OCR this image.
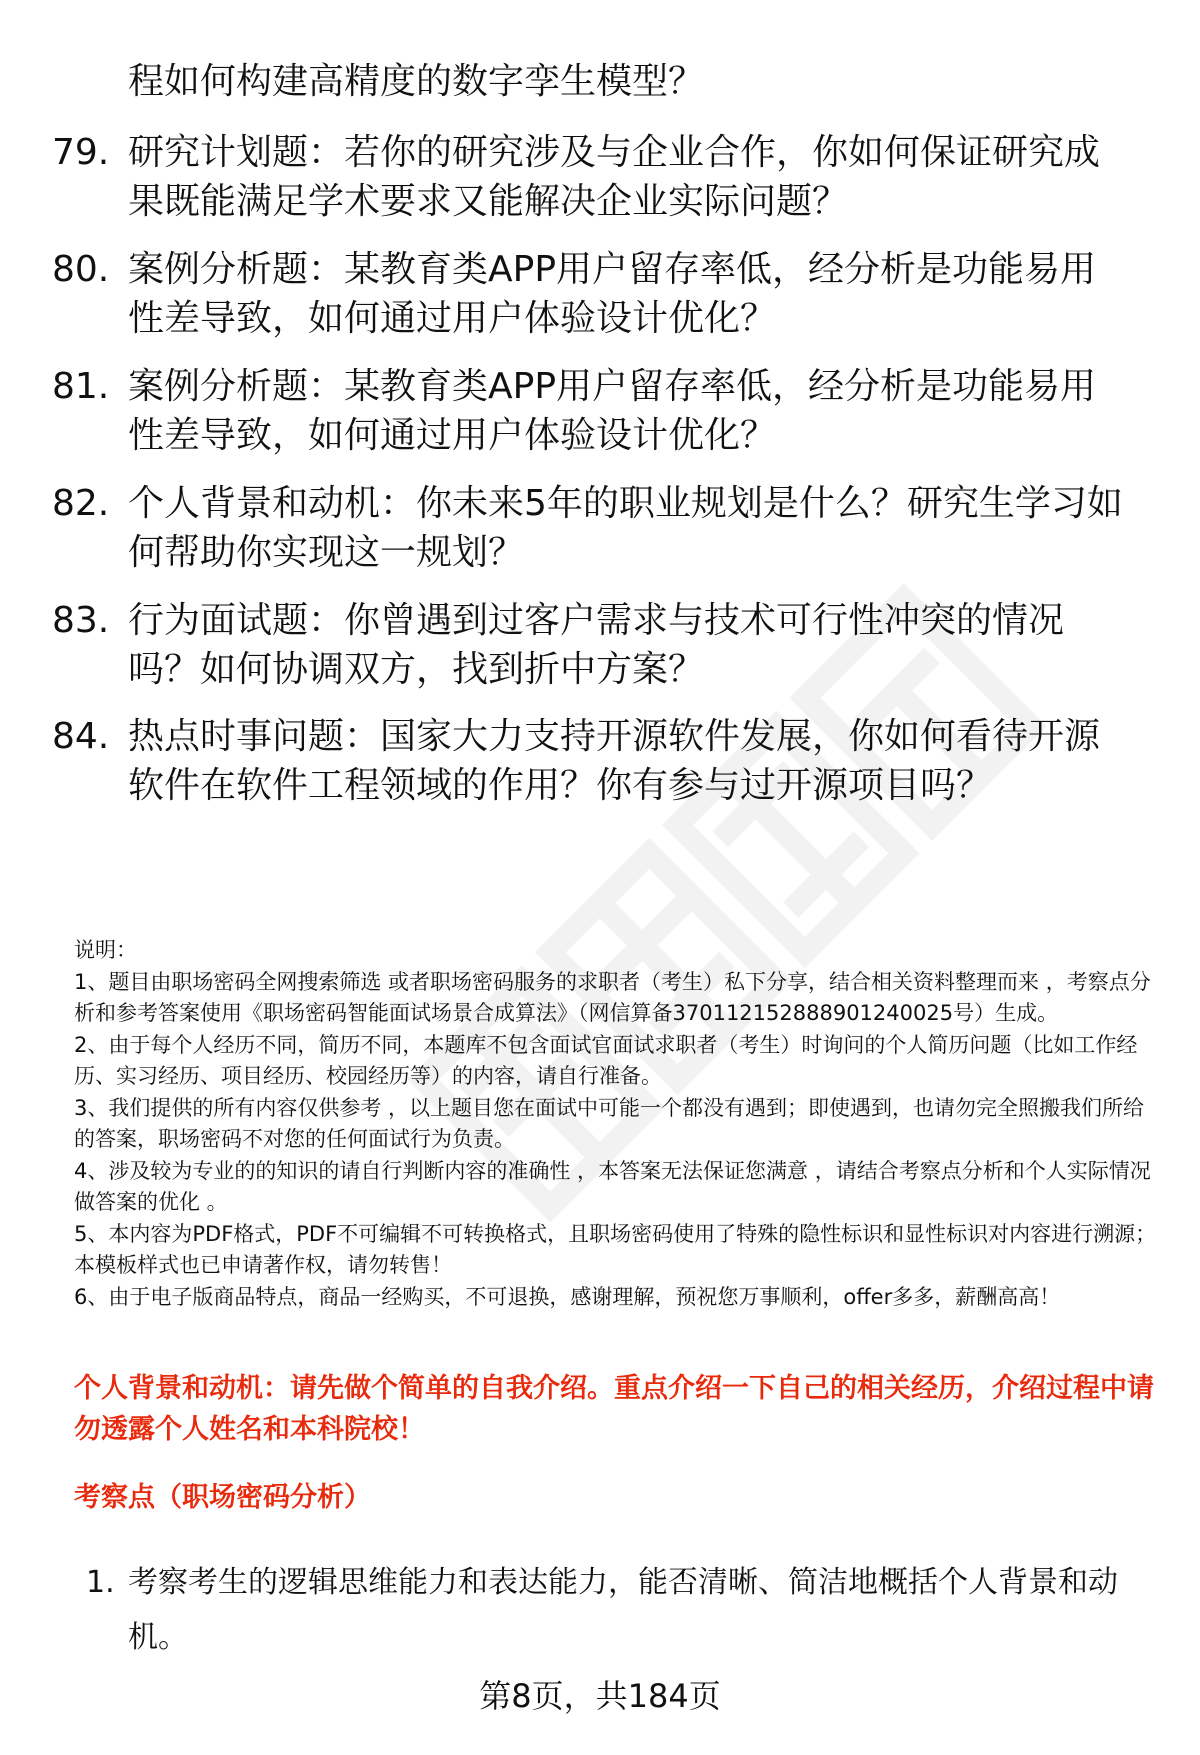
程如何构建高精度的数字孪生模型？
79. 研究计划题：若你的研究涉及与企业合作，你如何保证研究成果既能满足学术要求又能解决企业实际问题？
80. 案例分析题：某教育类APP用户留存率低，经分析是功能易用性差导致，如何通过用户体验设计优化？
81. 案例分析题：某教育类APP用户留存率低，经分析是功能易用性差导致，如何通过用户体验设计优化？
82. 个人背景和动机：你未来5年的职业规划是什么？研究生学习如何帮助你实现这一规划？
83. 行为面试题：你曾遇到过客户需求与技术可行性冲突的情况吗？如何协调双方，找到折中方案？
84. 热点时事问题：国家大力支持开源软件发展，你如何看待开源软件在软件工程领域的作用？你有参与过开源项目吗？
说明：
1、题目由职场密码全网搜索筛选 或者职场密码服务的求职者（考生）私下分享，结合相关资料整理而来 ，考察点分析和参考答案使用《职场密码智能面试场景合成算法》（网信算备370112152888901240025号）生成。
2、由于每个人经历不同，简历不同，本题库不包含面试官面试求职者（考生）时询问的个人简历问题（比如工作经历、实习经历、项目经历、校园经历等）的内容，请自行准备。
3、我们提供的所有内容仅供参考 ，以上题目您在面试中可能一个都没有遇到；即使遇到，也请勿完全照搬我们所给的答案，职场密码不对您的任何面试行为负责。
4、涉及较为专业的的知识的请自行判断内容的准确性 ，本答案无法保证您满意 ，请结合考察点分析和个人实际情况做答案的优化 。
5、本内容为PDF格式，PDF不可编辑不可转换格式，且职场密码使用了特殊的隐性标识和显性标识对内容进行溯源；本模板样式也已申请著作权，请勿转售！
6、由于电子版商品特点，商品一经购买，不可退换，感谢理解，预祝您万事顺利，offer多多，薪酬高高！
个人背景和动机：请先做个简单的自我介绍。重点介绍一下自己的相关经历，介绍过程中请勿透露个人姓名和本科院校！
考察点（职场密码分析）
1. 考察考生的逻辑思维能力和表达能力，能否清晰、简洁地概括个人背景和动机。
第8页，共184页
